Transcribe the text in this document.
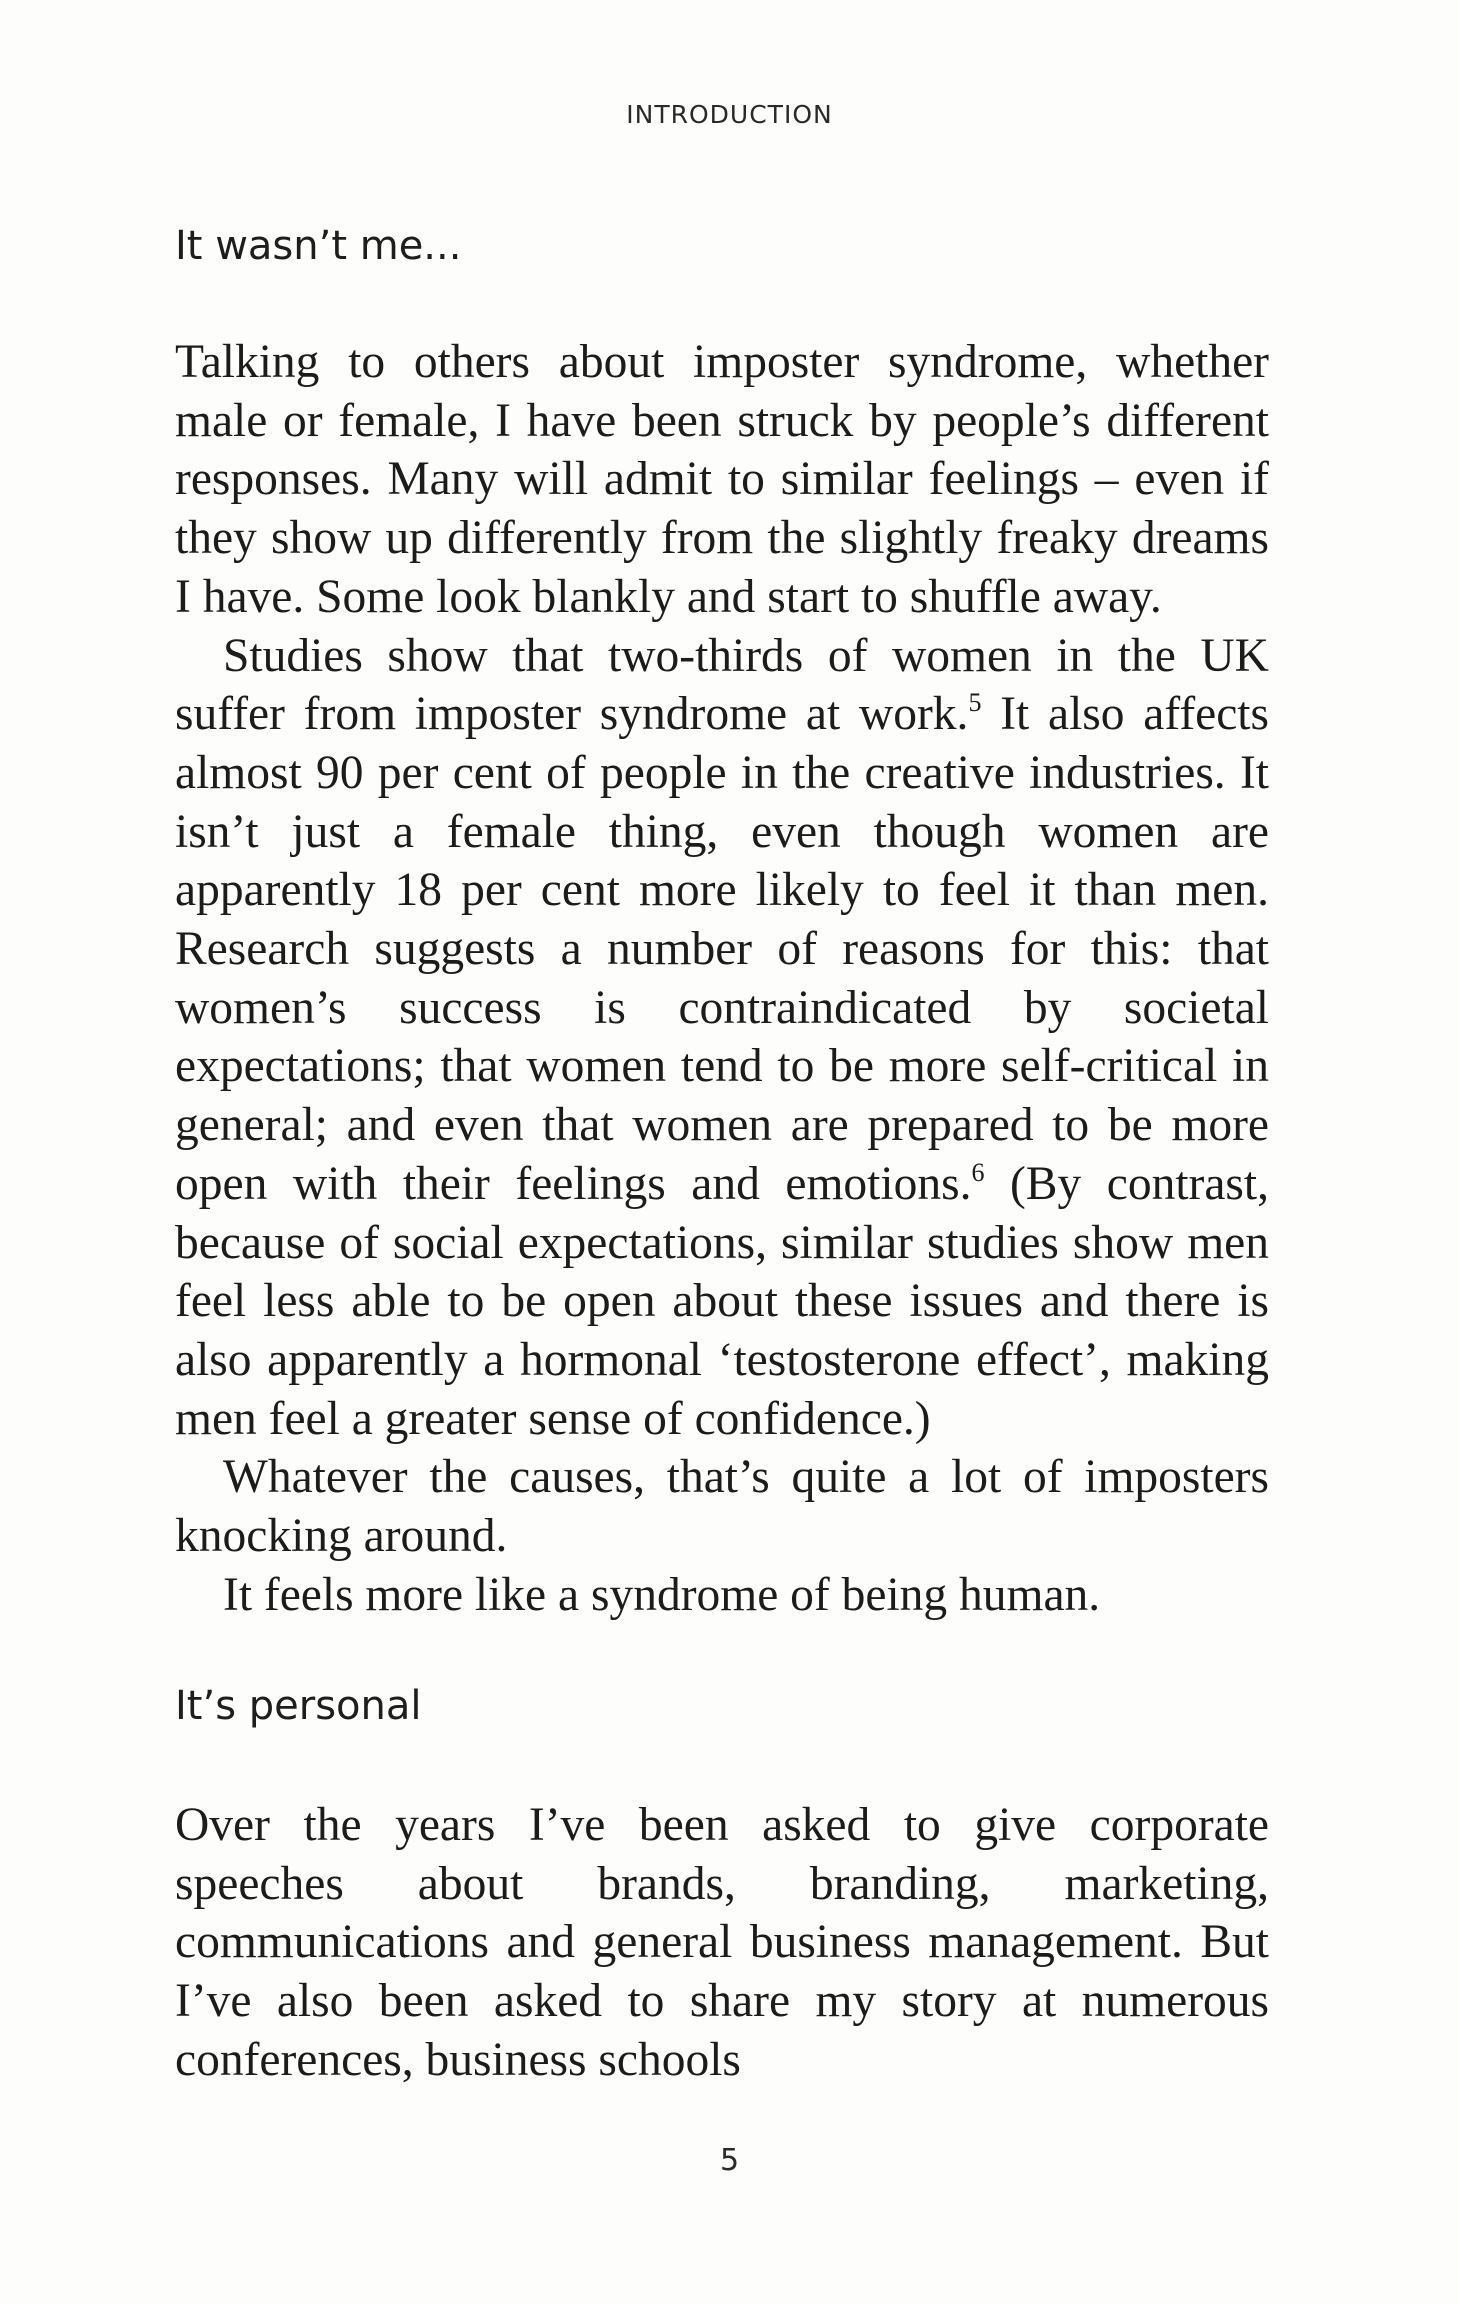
INTRODUCTION
It wasn’t me...

Talking to others about imposter syndrome, whether male or female, I have been struck by people’s different responses. Many will admit to similar feelings – even if they show up differently from the slightly freaky dreams I have. Some look blankly and start to shuffle away.

Studies show that two-thirds of women in the UK suffer from imposter syndrome at work.$^5$ It also affects almost 90 per cent of people in the creative industries. It isn’t just a female thing, even though women are apparently 18 per cent more likely to feel it than men. Research suggests a number of reasons for this: that women’s success is contraindicated by societal expectations; that women tend to be more self-critical in general; and even that women are prepared to be more open with their feelings and emotions.$^6$ (By contrast, because of social expectations, similar studies show men feel less able to be open about these issues and there is also apparently a hormonal ‘testosterone effect’, making men feel a greater sense of confidence.)

Whatever the causes, that’s quite a lot of imposters knocking around.

It feels more like a syndrome of being human.

It’s personal

Over the years I’ve been asked to give corporate speeches about brands, branding, marketing, communications and general business management. But I’ve also been asked to share my story at numerous conferences, business schools

5
